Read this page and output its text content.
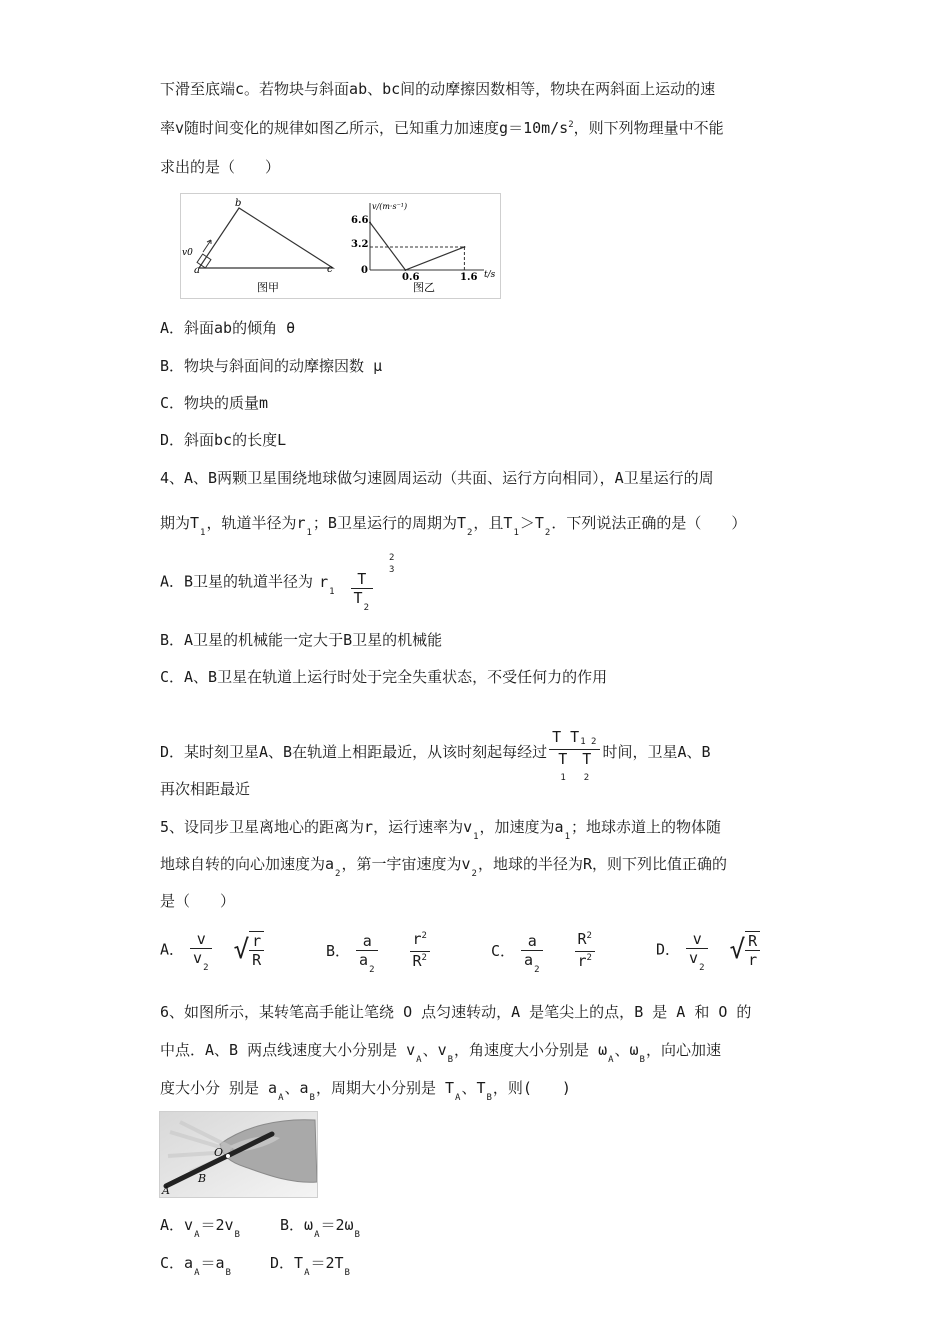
下滑至底端c。若物块与斜面ab、bc间的动摩擦因数相等，物块在两斜面上运动的速
率v随时间变化的规律如图乙所示，已知重力加速度$g=10m/s^2$，则下列物理量中不能
求出的是（　　）
b
a	c
v0
图甲
v/(m·s⁻¹)
t/s
6.6
3.2
0
0.6	1.6
图乙
A．斜面ab的倾角 θ
B．物块与斜面间的动摩擦因数 μ
C．物块的质量m
D．斜面bc的长度L
4、A、B两颗卫星围绕地球做匀速圆周运动（共面、运行方向相同），A卫星运行的周
期为$T_1$，轨道半径为$r_1$；B卫星运行的周期为$T_2$，且$T_1>T_2$．下列说法正确的是（　　）
A．B卫星的轨道半径为 $r_1 \frac{T}{T_2}$

2
3
B．A卫星的机械能一定大于B卫星的机械能
C．A、B卫星在轨道上运行时处于完全失重状态，不受任何力的作用
D．某时刻卫星A、B在轨道上相距最近，从该时刻起每经过
T T1 2
T　T
1　　2
时间，卫星A、B
再次相距最近
5、设同步卫星离地心的距离为r，运行速率为$v_1$，加速度为$a_1$；地球赤道上的物体随
地球自转的向心加速度为$a_2$，第一宇宙速度为$v_2$，地球的半径为R，则下列比值正确的
是（　　）
A． $\frac{v}{v_2}$ √ $\frac{r}{R}$	B． $\frac{a}{a_2}$
$\frac{r^2}{R^2}$	C． $\frac{a}{a_2}$
$\frac{R^2}{r^2}$	D． $\frac{v}{v_2}$ √ $\frac{R}{r}$
6、如图所示，某转笔高手能让笔绕 O 点匀速转动，A 是笔尖上的点，B 是 A 和 O 的
中点．A、B 两点线速度大小分别是 $v_A$、$v_B$，角速度大小分别是 $\omega_A$、$\omega_B$，向心加速
度大小分 别是 $a_A$、$a_B$，周期大小分别是 $T_A$、$T_B$，则(　　)
O
B
A
A．$v_A=2v_B$
B．$\omega_A=2\omega_B$
C．$a_A=a_B$
D．$T_A=2T_B$
